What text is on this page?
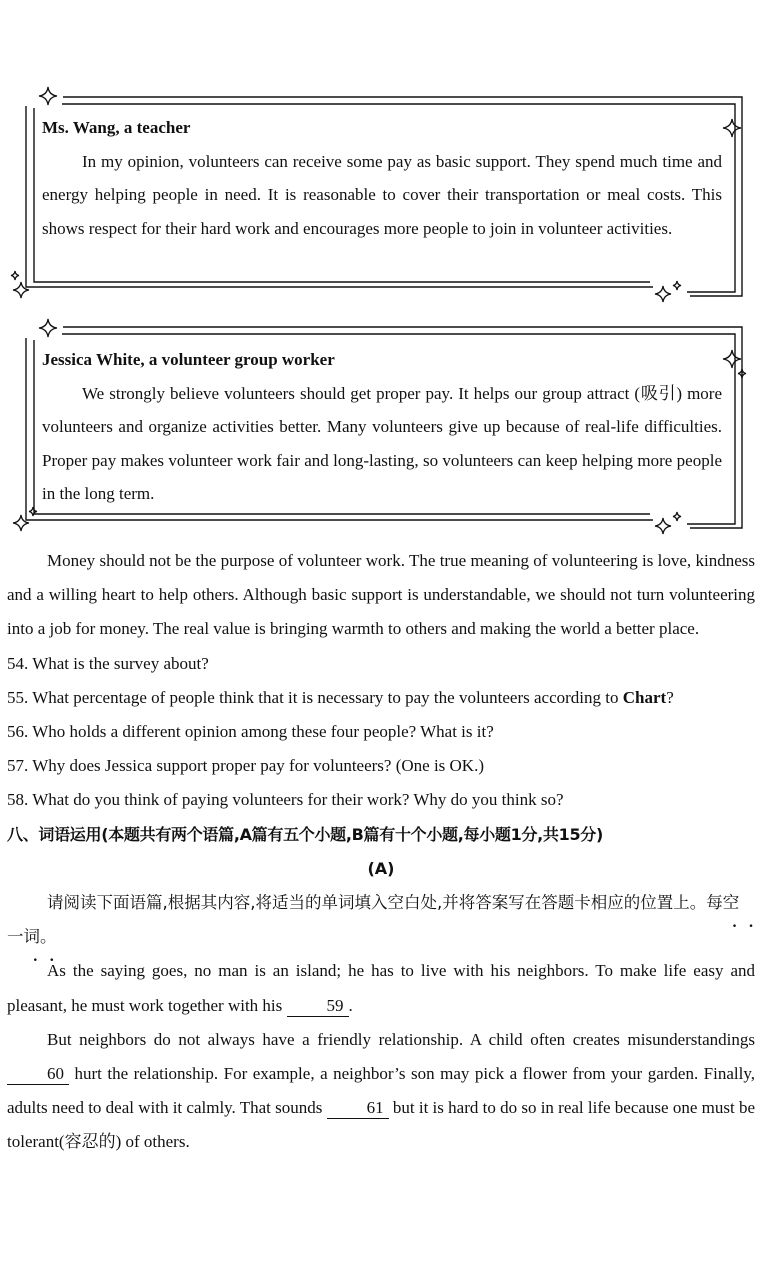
Ms. Wang, a teacher

In my opinion, volunteers can receive some pay as basic support. They spend much time and energy helping people in need. It is reasonable to cover their transportation or meal costs. This shows respect for their hard work and encourages more people to join in volunteer activities.

Jessica White, a volunteer group worker

We strongly believe volunteers should get proper pay. It helps our group attract (吸引) more volunteers and organize activities better. Many volunteers give up because of real-life difficulties. Proper pay makes volunteer work fair and long-lasting, so volunteers can keep helping more people in the long term.

Money should not be the purpose of volunteer work. The true meaning of volunteering is love, kindness and a willing heart to help others. Although basic support is understandable, we should not turn volunteering into a job for money. The real value is bringing warmth to others and making the world a better place.

54. What is the survey about?

55. What percentage of people think that it is necessary to pay the volunteers according to Chart?

56. Who holds a different opinion among these four people? What is it?

57. Why does Jessica support proper pay for volunteers? (One is OK.)

58. What do you think of paying volunteers for their work? Why do you think so?

八、词语运用(本题共有两个语篇,A篇有五个小题,B篇有十个小题,每小题1分,共15分)

(A)

请阅读下面语篇,根据其内容,将适当的单词填入空白处,并将答案写在答题卡相应的位置上。每空一词。

As the saying goes, no man is an island; he has to live with his neighbors. To make life easy and pleasant, he must work together with his	59 .

But neighbors do not always have a friendly relationship. A child often creates misunderstandings 60 hurt the relationship. For example, a neighbor’s son may pick a flower from your garden. Finally, adults need to deal with it calmly. That sounds	61 but it is hard to do so in real life because one must be tolerant(容忍的) of others.
